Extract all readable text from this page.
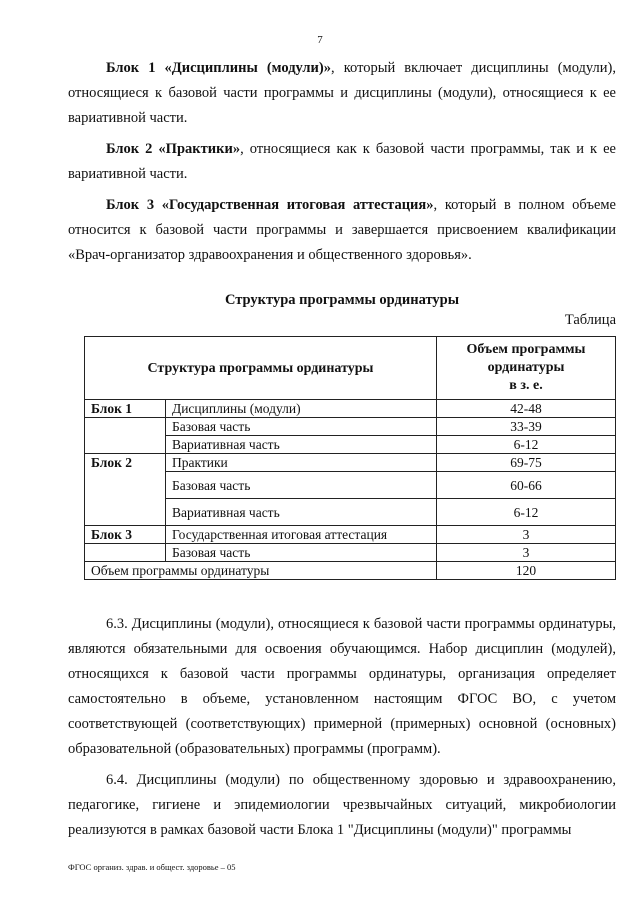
7

Блок 1 «Дисциплины (модули)», который включает дисциплины (модули), относящиеся к базовой части программы и дисциплины (модули), относящиеся к ее вариативной части.

Блок 2 «Практики», относящиеся как к базовой части программы, так и к ее вариативной части.

Блок 3 «Государственная итоговая аттестация», который в полном объеме относится к базовой части программы и завершается присвоением квалификации «Врач-организатор здравоохранения и общественного здоровья».

Структура программы ординатуры
Таблица
Структура программы ординатуры		Объем программы
ординатуры
в з. е.

Блок 1	Дисциплины (модули)	42-48
	Базовая часть	33-39
	Вариативная часть	6-12
Блок 2	Практики	69-75
	Базовая часть	60-66
	Вариативная часть	6-12
Блок 3	Государственная итоговая аттестация	3
	Базовая часть	3
Объем программы ординатуры		120

6.3. Дисциплины (модули), относящиеся к базовой части программы ординатуры, являются обязательными для освоения обучающимся. Набор дисциплин (модулей), относящихся к базовой части программы ординатуры, организация определяет самостоятельно в объеме, установленном настоящим ФГОС ВО, с учетом соответствующей (соответствующих) примерной (примерных) основной (основных) образовательной (образовательных) программы (программ).

6.4. Дисциплины (модули) по общественному здоровью и здравоохранению, педагогике, гигиене и эпидемиологии чрезвычайных ситуаций, микробиологии реализуются в рамках базовой части Блока 1 "Дисциплины (модули)" программы

ФГОС организ. здрав. и общест. здоровье – 05
